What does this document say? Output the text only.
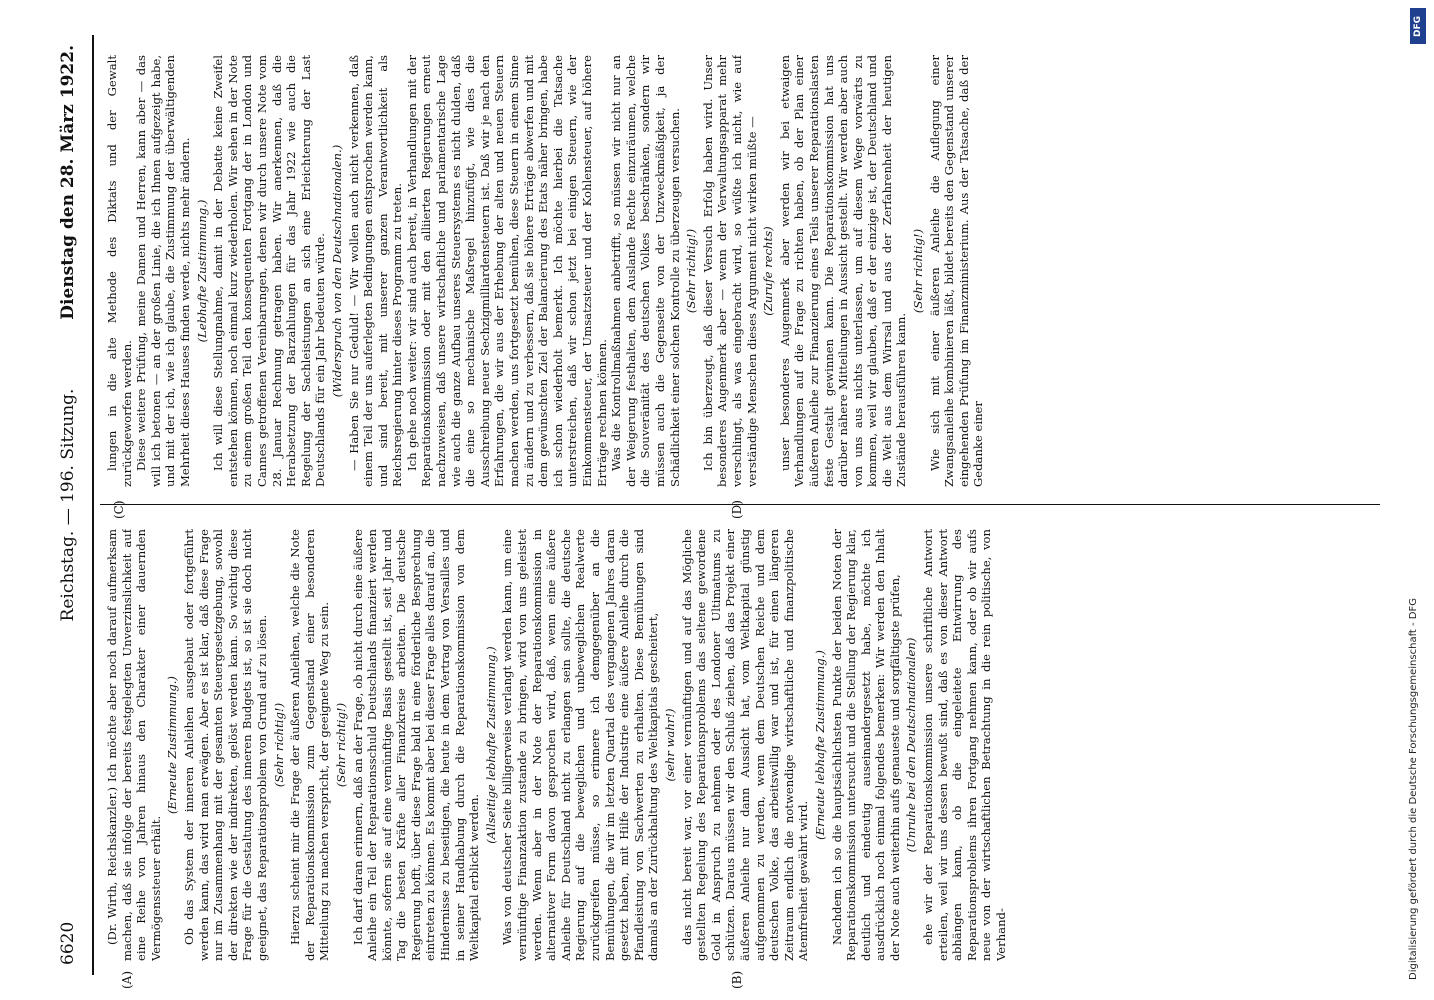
6620
Reichstag. — 196. Sitzung.
Dienstag den 28. März 1922.
(A)	(B)
(C)	(D)

(Dr. Wirth, Reichskanzler.) Ich möchte aber noch darauf aufmerksam machen, daß sie infolge der bereits festgelegten Unverzinslichkeit auf eine Reihe von Jahren hinaus den Charakter einer dauernden Vermögenssteuer erhält.

(Erneute Zustimmung.) Ob das System der inneren Anleihen ausgebaut oder fortgeführt werden kann, das wird man erwägen. Aber es ist klar, daß diese Frage nur im Zusammenhang mit der gesamten Steuergesetzgebung, sowohl der direkten wie der indirekten, gelöst werden kann. So wichtig diese Frage für die Gestaltung des inneren Budgets ist, so ist sie doch nicht geeignet, das Reparationsproblem von Grund auf zu lösen. (Sehr richtig!) Hierzu scheint mir die Frage der äußeren Anleihen, welche die Note der Reparationskommission zum Gegenstand einer besonderen Mitteilung zu machen verspricht, der geeignete Weg zu sein. (Sehr richtig!) Ich darf daran erinnern, daß an der Frage, ob nicht durch eine äußere Anleihe ein Teil der Reparationsschuld Deutschlands finanziert werden könnte, sofern sie auf eine vernünftige Basis gestellt ist, seit Jahr und Tag die besten Kräfte aller Finanzkreise arbeiten. Die deutsche Regierung hofft, über diese Frage bald in eine förderliche Besprechung eintreten zu können. Es kommt aber bei dieser Frage alles darauf an, die Hindernisse zu beseitigen, die heute in dem Vertrag von Versailles und in seiner Handhabung durch die Reparationskommission von dem Weltkapital erblickt werden.

(Allseitige lebhafte Zustimmung.) Was von deutscher Seite billigerweise verlangt werden kann, um eine vernünftige Finanzaktion zustande zu bringen, wird von uns geleistet werden. Wenn aber in der Note der Reparationskommission in alternativer Form davon gesprochen wird, daß, wenn eine äußere Anleihe für Deutschland nicht zu erlangen sein sollte, die deutsche Regierung auf die beweglichen und unbeweglichen Realwerte zurückgreifen müsse, so erinnere ich demgegenüber an die Bemühungen, die wir im letzten Quartal des vergangenen Jahres daran gesetzt haben, mit Hilfe der Industrie eine äußere Anleihe durch die Pfandleistung von Sachwerten zu erhalten. Diese Bemühungen sind damals an der Zurückhaltung des Weltkapitals gescheitert, (sehr wahr!) das nicht bereit war, vor einer vernünftigen und auf das Mögliche gestellten Regelung des Reparationsproblems das seltene gewordene Gold in Anspruch zu nehmen oder des Londoner Ultimatums zu schützen. Daraus müssen wir den Schluß ziehen, daß das Projekt einer äußeren Anleihe nur dann Aussicht hat, vom Weltkapital günstig aufgenommen zu werden, wenn dem Deutschen Reiche und dem deutschen Volke, das arbeitswillig war und ist, für einen längeren Zeitraum endlich die notwendige wirtschaftliche und finanzpolitische Atemfreiheit gewährt wird.

(Erneute lebhafte Zustimmung.) Nachdem ich so die hauptsächlichsten Punkte der beiden Noten der Reparationskommission untersucht und die Stellung der Regierung klar, deutlich und eindeutig auseinandergesetzt habe, möchte ich ausdrücklich noch einmal folgendes bemerken: Wir werden den Inhalt der Note auch weiterhin aufs genaueste und sorgfältigste prüfen, (Unruhe bei den Deutschnationalen) ehe wir der Reparationskommission unsere schriftliche Antwort erteilen, weil wir uns dessen bewußt sind, daß es von dieser Antwort abhängen kann, ob die eingeleitete Entwirrung des Reparationsproblems ihren Fortgang nehmen kann, oder ob wir aufs neue von der wirtschaftlichen Betrachtung in die rein politische, von Verhand-

lungen in die alte Methode des Diktats und der Gewalt zurückgeworfen werden. Diese weitere Prüfung, meine Damen und Herren, kann aber — das will ich betonen — an der großen Linie, die ich Ihnen aufgezeigt habe, und mit der ich, wie ich glaube, die Zustimmung der überwältigenden Mehrheit dieses Hauses finden werde, nichts mehr ändern. (Lebhafte Zustimmung.) Ich will diese Stellungnahme, damit in der Debatte keine Zweifel entstehen können, noch einmal kurz wiederholen. Wir sehen in der Note zu einem großen Teil den konsequenten Fortgang der in London und Cannes getroffenen Vereinbarungen, denen wir durch unsere Note vom 28. Januar Rechnung getragen haben. Wir anerkennen, daß die Herabsetzung der Barzahlungen für das Jahr 1922 wie auch die Regelung der Sachleistungen an sich eine Erleichterung der Last Deutschlands für ein Jahr bedeuten würde. (Widerspruch von den Deutschnationalen.) — Haben Sie nur Geduld! — Wir wollen auch nicht verkennen, daß einem Teil der uns auferlegten Bedingungen entsprochen werden kann, und sind bereit, mit unserer ganzen Verantwortlichkeit als Reichsregierung hinter dieses Programm zu treten. Ich gehe noch weiter: wir sind auch bereit, in Verhandlungen mit der Reparationskommission oder mit den alliierten Regierungen erneut nachzuweisen, daß unsere wirtschaftliche und parlamentarische Lage wie auch die ganze Aufbau unseres Steuersystems es nicht dulden, daß die eine so mechanische Maßregel hinzufügt, wie dies die Ausschreibung neuer Sechzigmilliardensteuern ist. Daß wir je nach den Erfahrungen, die wir aus der Erhebung der alten und neuen Steuern machen werden, uns fortgesetzt bemühen, diese Steuern in einem Sinne zu ändern und zu verbessern, daß sie höhere Erträge abwerfen und mit dem gewünschten Ziel der Balancierung des Etats näher bringen, habe ich schon wiederholt bemerkt. Ich möchte hierbei die Tatsache unterstreichen, daß wir schon jetzt bei einigen Steuern, wie der Einkommensteuer, der Umsatzsteuer und der Kohlensteuer, auf höhere Erträge rechnen können. Was die Kontrollmaßnahmen anbetrifft, so müssen wir nicht nur an der Weigerung festhalten, dem Auslande Rechte einzuräumen, welche die Souveränität des deutschen Volkes beschränken, sondern wir müssen auch die Gegenseite von der Unzweckmäßigkeit, ja der Schädlichkeit einer solchen Kontrolle zu überzeugen versuchen. (Sehr richtig!) Ich bin überzeugt, daß dieser Versuch Erfolg haben wird. Unser besonderes Augenmerk aber — wenn der Verwaltungsapparat mehr verschlingt, als was eingebracht wird, so wüßte ich nicht, wie auf verständige Menschen dieses Argument nicht wirken müßte — (Zurufe rechts) unser besonderes Augenmerk aber werden wir bei etwaigen Verhandlungen auf die Frage zu richten haben, ob der Plan einer äußeren Anleihe zur Finanzierung eines Teils unserer Reparationslasten feste Gestalt gewinnen kann. Die Reparationskommission hat uns darüber nähere Mitteilungen in Aussicht gestellt. Wir werden aber auch von uns aus nichts unterlassen, um auf diesem Wege vorwärts zu kommen, weil wir glauben, daß er der einzige ist, der Deutschland und die Welt aus dem Wirrsal und aus der Zerfahrenheit der heutigen Zustände herausführen kann.

(Sehr richtig!) Wie sich mit einer äußeren Anleihe die Auflegung einer Zwangsanleihe kombinieren läßt, bildet bereits den Gegenstand unserer eingehenden Prüfung im Finanzministerium. Aus der Tatsache, daß der Gedanke einer

DFG
Digitalisierung gefördert durch die Deutsche Forschungsgemeinschaft - DFG
